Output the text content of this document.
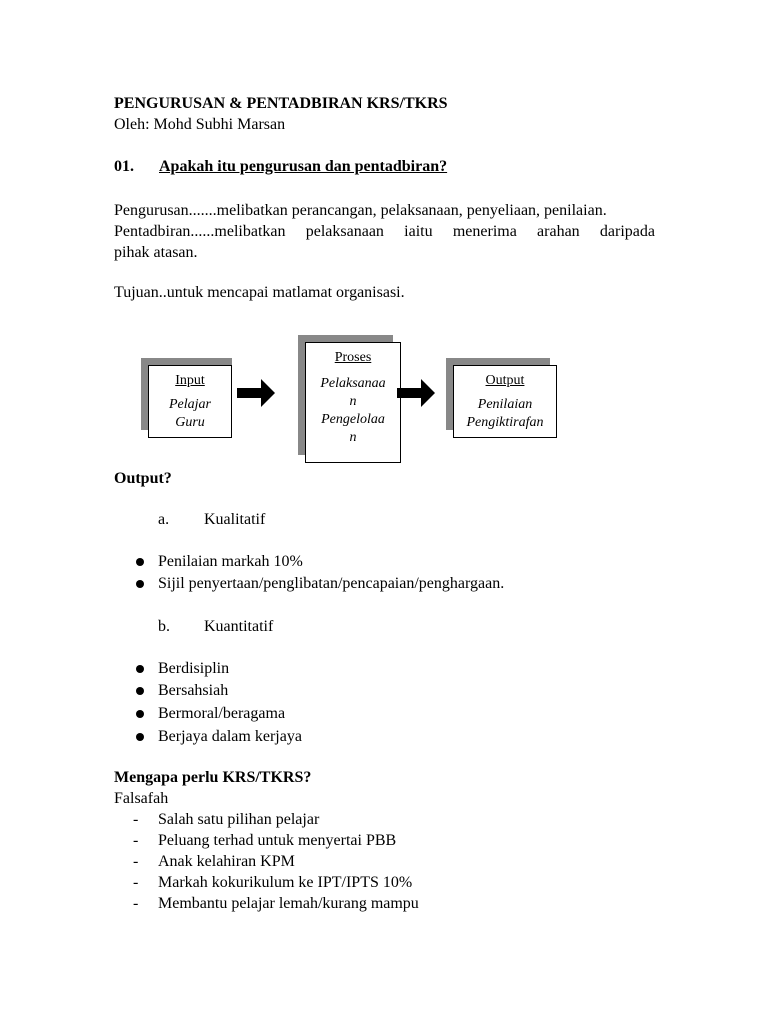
PENGURUSAN & PENTADBIRAN KRS/TKRS
Oleh: Mohd Subhi Marsan
01. Apakah itu pengurusan dan pentadbiran?
Pengurusan.......melibatkan perancangan, pelaksanaan, penyeliaan, penilaian.
Pentadbiran......melibatkan pelaksanaan iaitu menerima arahan daripada
pihak atasan.
Tujuan..untuk mencapai matlamat organisasi.
Input
Pelajar
Guru
Proses
Pelaksanaa
n
Pengelolaa
n
Output
Penilaian
Pengiktirafan
Output?
a. Kualitatif
Penilaian markah 10%
Sijil penyertaan/penglibatan/pencapaian/penghargaan.
b. Kuantitatif
Berdisiplin
Bersahsiah
Bermoral/beragama
Berjaya dalam kerjaya
Mengapa perlu KRS/TKRS?
Falsafah
- Salah satu pilihan pelajar
- Peluang terhad untuk menyertai PBB
- Anak kelahiran KPM
- Markah kokurikulum ke IPT/IPTS 10%
- Membantu pelajar lemah/kurang mampu
